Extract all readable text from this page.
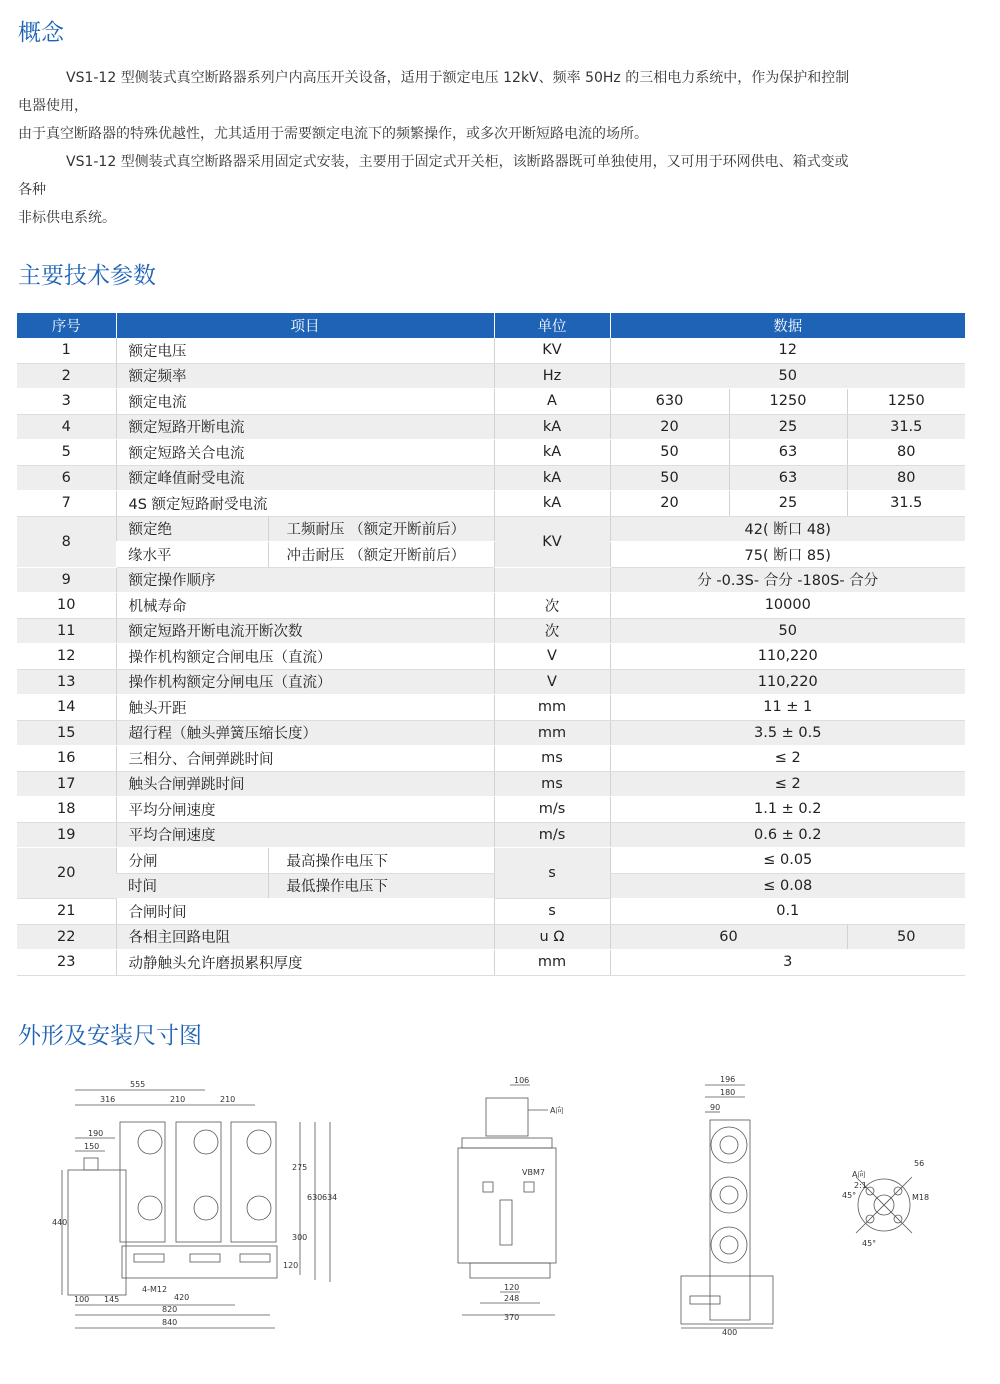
概念

VS1-12 型侧装式真空断路器系列户内高压开关设备，适用于额定电压 12kV、频率 50Hz 的三相电力系统中，作为保护和控制

电器使用，

由于真空断路器的特殊优越性，尤其适用于需要额定电流下的频繁操作，或多次开断短路电流的场所。

VS1-12 型侧装式真空断路器采用固定式安装，主要用于固定式开关柜，该断路器既可单独使用，又可用于环网供电、箱式变或

各种

非标供电系统。

主要技术参数
序号	项目		单位	数据		
1	额定电压		KV	12		
2	额定频率		Hz	50		
3	额定电流		A	630	1250	1250
4	额定短路开断电流		kA	20	25	31.5
5	额定短路关合电流		kA	50	63	80
6	额定峰值耐受电流		kA	50	63	80
7	4S 额定短路耐受电流		kA	20	25	31.5
8	额定绝	工频耐压 （额定开断前后）	KV	42( 断口 48)		
	缘水平	冲击耐压 （额定开断前后）		75( 断口 85)		
9	额定操作顺序			分 -0.3S- 合分 -180S- 合分		
10	机械寿命		次	10000		
11	额定短路开断电流开断次数		次	50		
12	操作机构额定合闸电压（直流）		V	110,220		
13	操作机构额定分闸电压（直流）		V	110,220		
14	触头开距		mm	11 ± 1		
15	超行程（触头弹簧压缩长度）		mm	3.5 ± 0.5		
16	三相分、合闸弹跳时间		ms	≤ 2		
17	触头合闸弹跳时间		ms	≤ 2		
18	平均分闸速度		m/s	1.1 ± 0.2		
19	平均合闸速度		m/s	0.6 ± 0.2		
20	分闸	最高操作电压下	s	≤ 0.05		
	时间	最低操作电压下		≤ 0.08		
21	合闸时间		s	0.1		
22	各相主回路电阻		u Ω	60		50
23	动静触头允许磨损累积厚度		mm	3		
外形及安装尺寸图
555
316	210	210
190
150
440
275
630 634
300
120
4-M12
100 145	420
820
840
106
A向
VBM7
120
248
370
196
180
90
400
A向
2:1
56
45°	M18
45°
